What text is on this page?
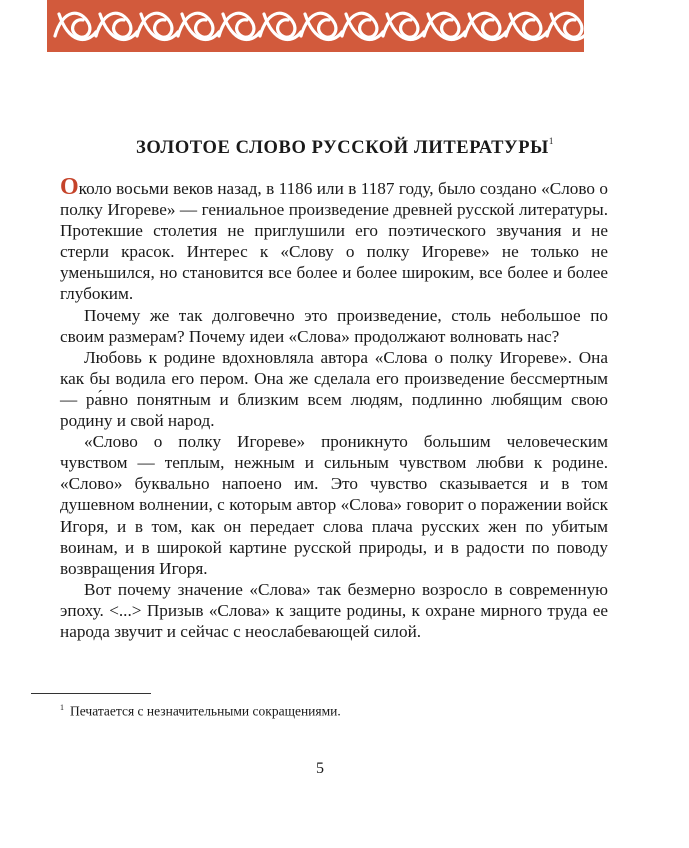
ЗОЛОТОЕ СЛОВО РУССКОЙ ЛИТЕРАТУРЫ$^1$

Около восьми веков назад, в 1186 или в 1187 году, было создано «Слово о полку Игореве» — гениальное произведение древней русской литературы. Протекшие столетия не приглушили его поэтического звучания и не стерли красок. Интерес к «Слову о полку Игореве» не только не уменьшился, но становится все более и более широким, все более и более глубоким.

Почему же так долговечно это произведение, столь небольшое по своим размерам? Почему идеи «Слова» продолжают волновать нас?

Любовь к родине вдохновляла автора «Слова о полку Игореве». Она как бы водила его пером. Она же сделала его произведение бессмертным — ра́вно понятным и близким всем людям, подлинно любящим свою родину и свой народ.

«Слово о полку Игореве» проникнуто большим человеческим чувством — теплым, нежным и сильным чувством любви к родине. «Слово» буквально напоено им. Это чувство сказывается и в том душевном волнении, с которым автор «Слова» говорит о поражении войск Игоря, и в том, как он передает слова плача русских жен по убитым воинам, и в широкой картине русской природы, и в радости по поводу возвращения Игоря.

Вот почему значение «Слова» так безмерно возросло в современную эпоху. <...> Призыв «Слова» к защите родины, к охране мирного труда ее народа звучит и сейчас с неослабевающей силой.

$^1$ Печатается с незначительными сокращениями.
5
